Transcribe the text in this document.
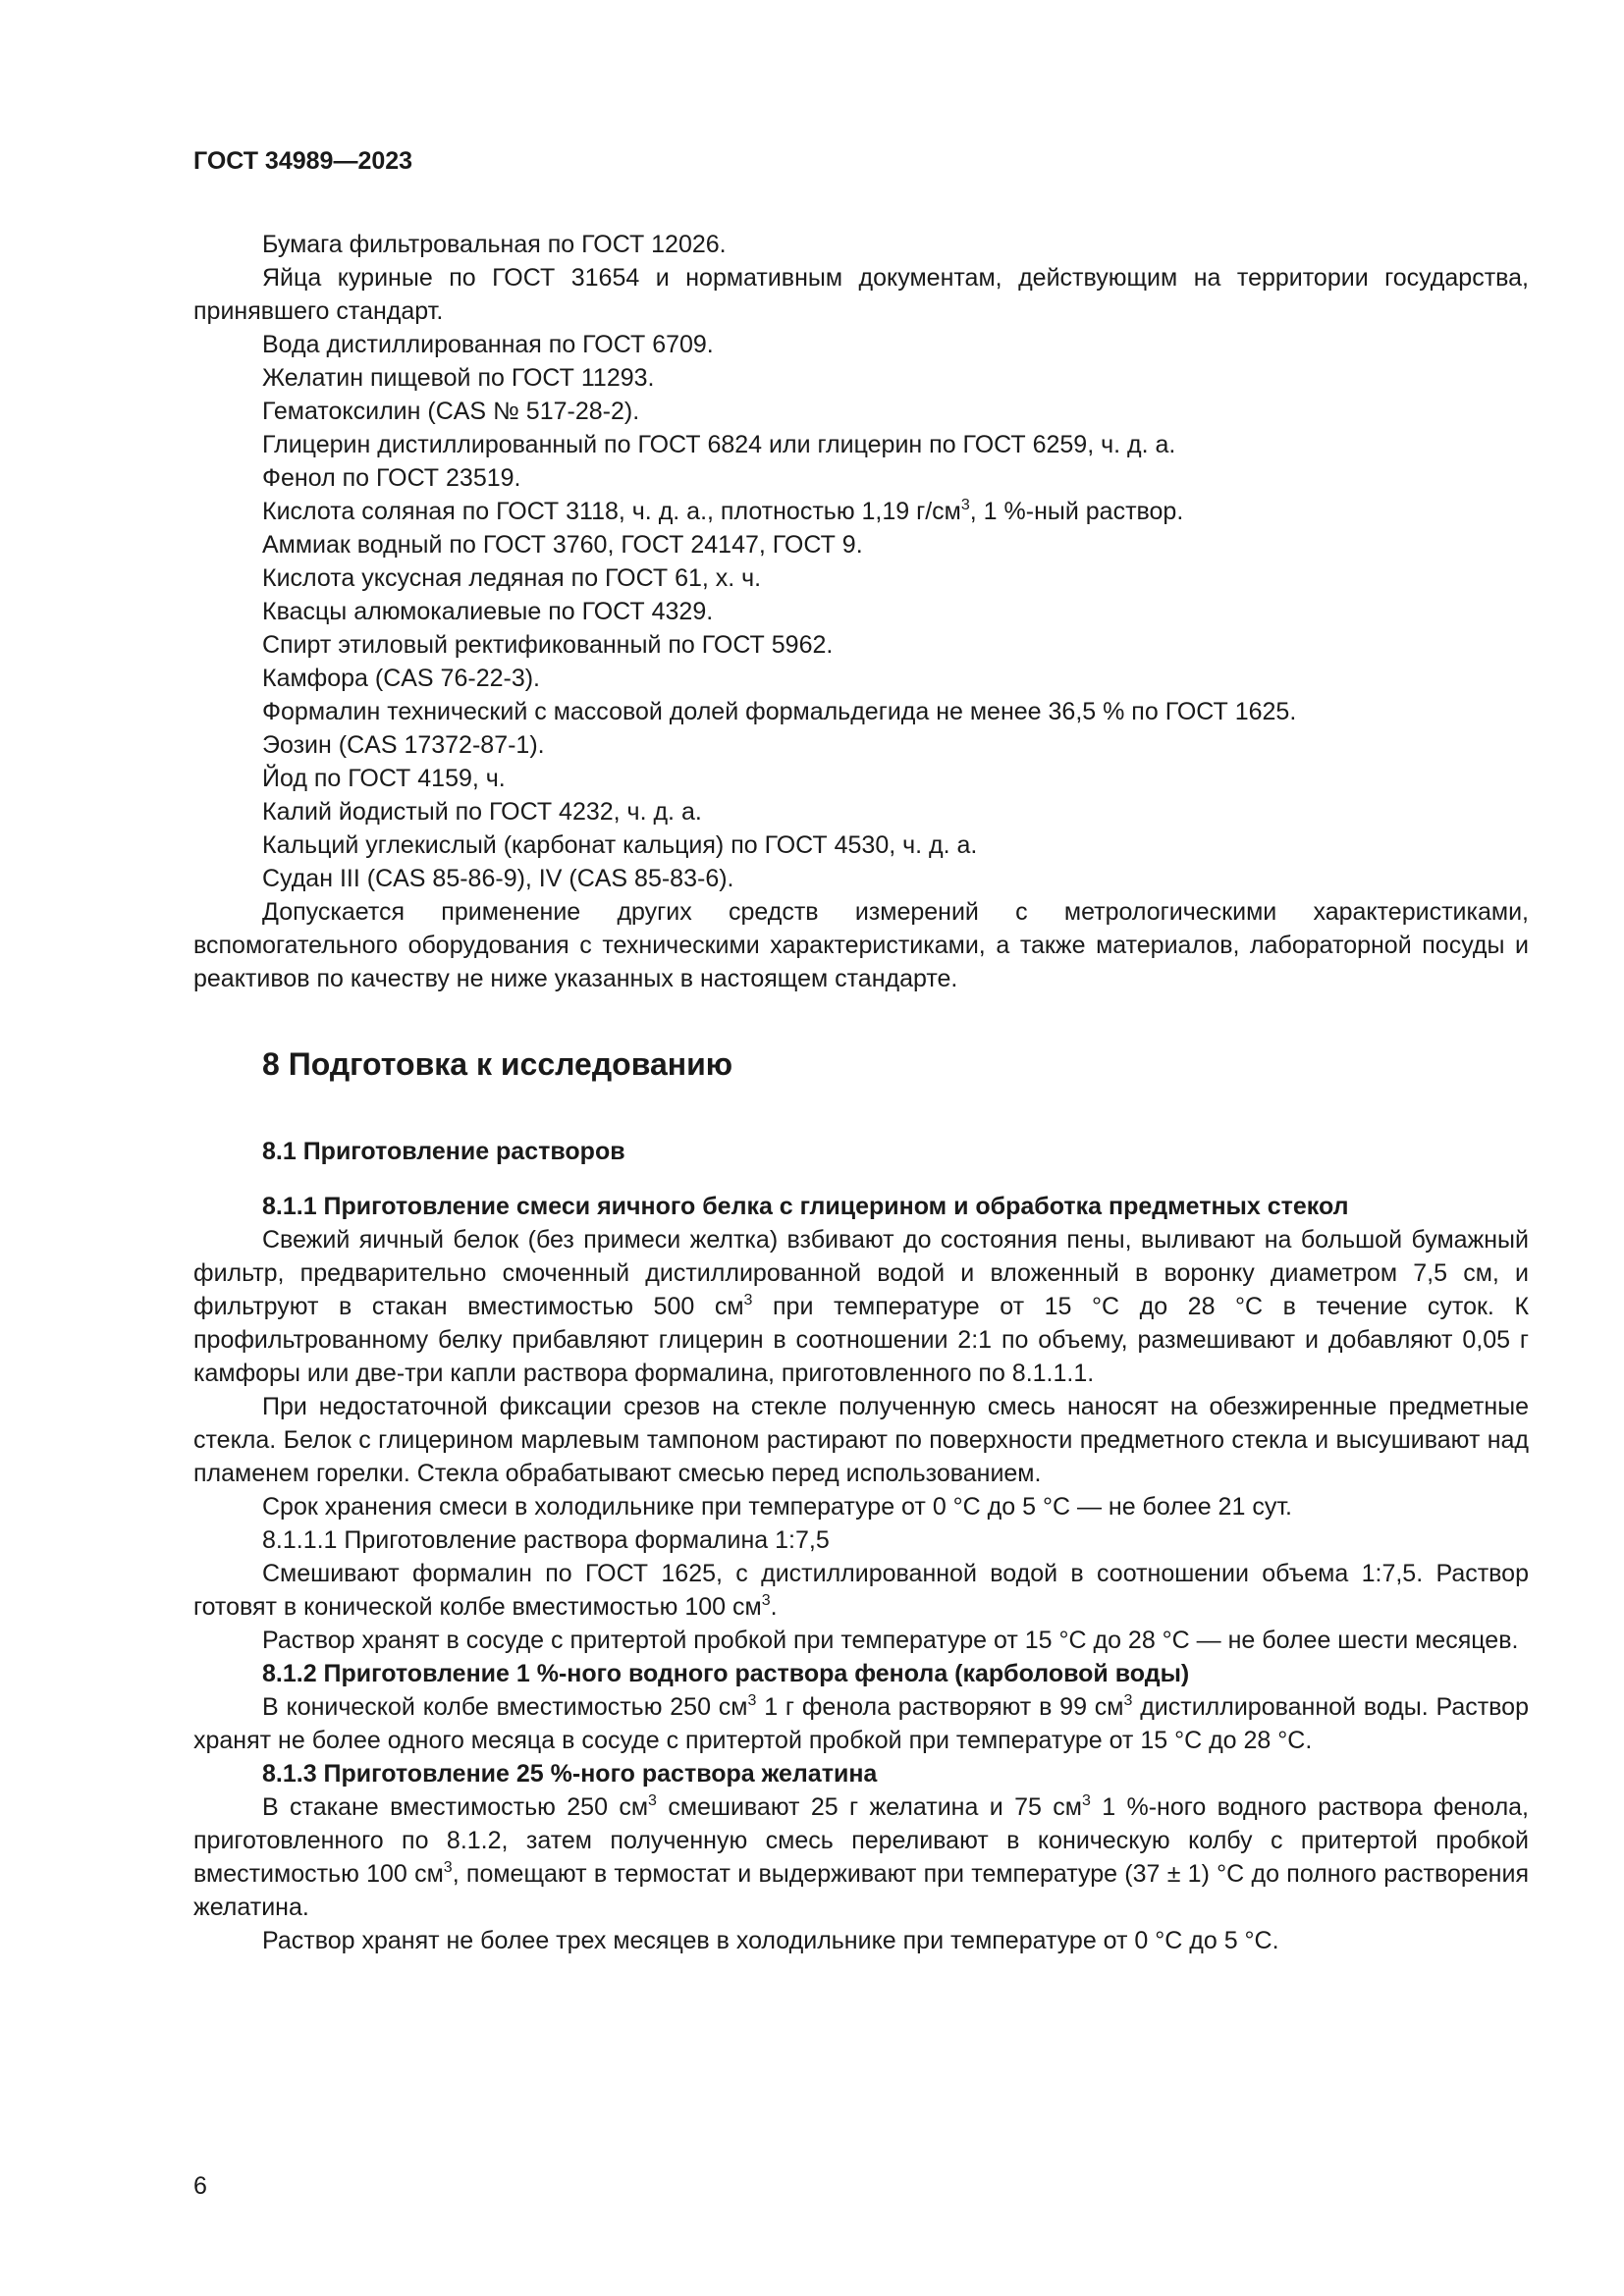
ГОСТ 34989—2023

Бумага фильтровальная по ГОСТ 12026.

Яйца куриные по ГОСТ 31654 и нормативным документам, действующим на территории государства, принявшего стандарт.

Вода дистиллированная по ГОСТ 6709.

Желатин пищевой по ГОСТ 11293.

Гематоксилин (CAS № 517-28-2).

Глицерин дистиллированный по ГОСТ 6824 или глицерин по ГОСТ 6259, ч. д. а.

Фенол по ГОСТ 23519.

Кислота соляная по ГОСТ 3118, ч. д. а., плотностью 1,19 $г/см^3$, 1 %-ный раствор.

Аммиак водный по ГОСТ 3760, ГОСТ 24147, ГОСТ 9.

Кислота уксусная ледяная по ГОСТ 61, х. ч.

Квасцы алюмокалиевые по ГОСТ 4329.

Спирт этиловый ректификованный по ГОСТ 5962.

Камфора (CAS 76-22-3).

Формалин технический с массовой долей формальдегида не менее 36,5 % по ГОСТ 1625.

Эозин (CAS 17372-87-1).

Йод по ГОСТ 4159, ч.

Калий йодистый по ГОСТ 4232, ч. д. а.

Кальций углекислый (карбонат кальция) по ГОСТ 4530, ч. д. а.

Судан III (CAS 85-86-9), IV (CAS 85-83-6).

Допускается применение других средств измерений с метрологическими характеристиками, вспомогательного оборудования с техническими характеристиками, а также материалов, лабораторной посуды и реактивов по качеству не ниже указанных в настоящем стандарте.

8 Подготовка к исследованию
8.1 Приготовление растворов
8.1.1 Приготовление смеси яичного белка с глицерином и обработка предметных стекол

Свежий яичный белок (без примеси желтка) взбивают до состояния пены, выливают на большой бумажный фильтр, предварительно смоченный дистиллированной водой и вложенный в воронку диаметром 7,5 см, и фильтруют в стакан вместимостью 500 $см^3$ при температуре от 15 °С до 28 °С в течение суток. К профильтрованному белку прибавляют глицерин в соотношении 2:1 по объему, размешивают и добавляют 0,05 г камфоры или две-три капли раствора формалина, приготовленного по 8.1.1.1.

При недостаточной фиксации срезов на стекле полученную смесь наносят на обезжиренные предметные стекла. Белок с глицерином марлевым тампоном растирают по поверхности предметного стекла и высушивают над пламенем горелки. Стекла обрабатывают смесью перед использованием.

Срок хранения смеси в холодильнике при температуре от 0 °С до 5 °С — не более 21 сут.

8.1.1.1 Приготовление раствора формалина 1:7,5

Смешивают формалин по ГОСТ 1625, с дистиллированной водой в соотношении объема 1:7,5. Раствор готовят в конической колбе вместимостью 100 $см^3$.

Раствор хранят в сосуде с притертой пробкой при температуре от 15 °С до 28 °С — не более шести месяцев.

8.1.2 Приготовление 1 %-ного водного раствора фенола (карболовой воды)

В конической колбе вместимостью 250 $см^3$ 1 г фенола растворяют в 99 $см^3$ дистиллированной воды. Раствор хранят не более одного месяца в сосуде с притертой пробкой при температуре от 15 °С до 28 °С.

8.1.3 Приготовление 25 %-ного раствора желатина

В стакане вместимостью 250 $см^3$ смешивают 25 г желатина и 75 $см^3$ 1 %-ного водного раствора фенола, приготовленного по 8.1.2, затем полученную смесь переливают в коническую колбу с притертой пробкой вместимостью 100 $см^3$, помещают в термостат и выдерживают при температуре (37 ± 1) °С до полного растворения желатина.

Раствор хранят не более трех месяцев в холодильнике при температуре от 0 °С до 5 °С.

6
